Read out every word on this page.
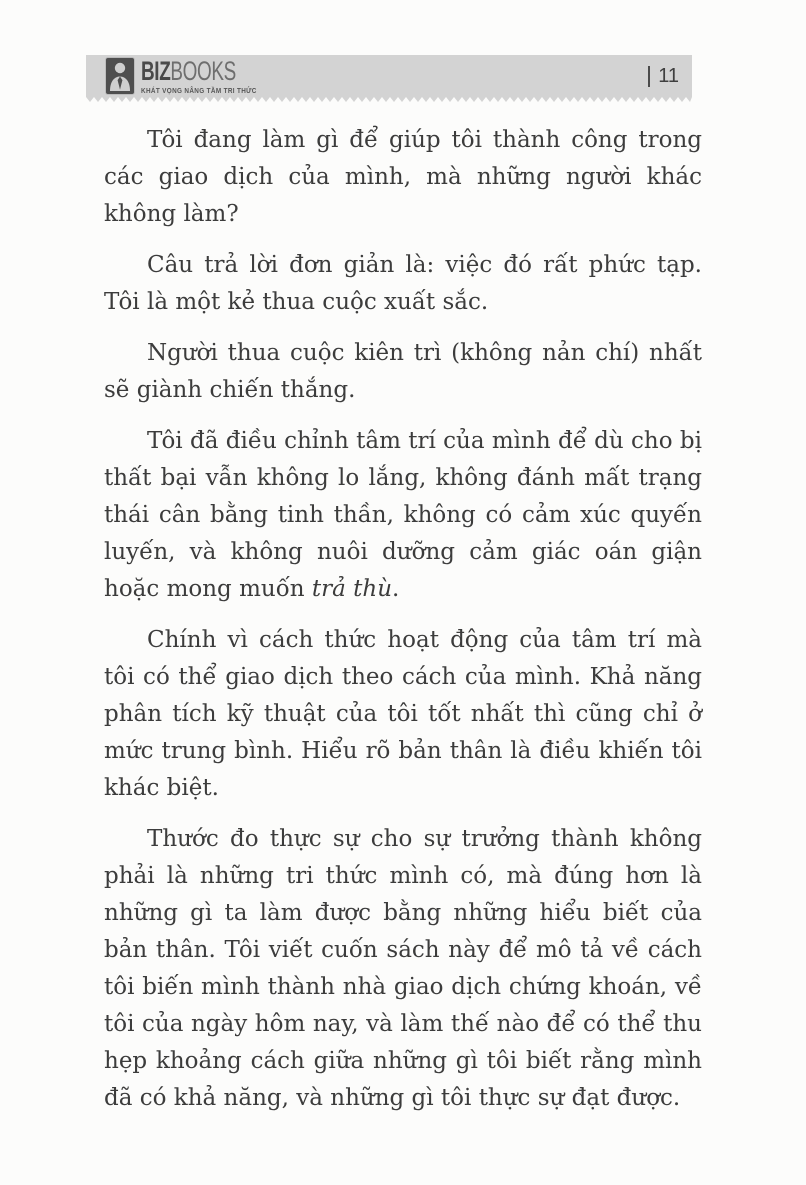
BIZBOOKS
KHÁT VỌNG NÂNG TẦM TRI THỨC
11

Tôi đang làm gì để giúp tôi thành công trong các giao dịch của mình, mà những người khác không làm?

Câu trả lời đơn giản là: việc đó rất phức tạp. Tôi là một kẻ thua cuộc xuất sắc.

Người thua cuộc kiên trì (không nản chí) nhất sẽ giành chiến thắng.

Tôi đã điều chỉnh tâm trí của mình để dù cho bị thất bại vẫn không lo lắng, không đánh mất trạng thái cân bằng tinh thần, không có cảm xúc quyến luyến, và không nuôi dưỡng cảm giác oán giận hoặc mong muốn trả thù.

Chính vì cách thức hoạt động của tâm trí mà tôi có thể giao dịch theo cách của mình. Khả năng phân tích kỹ thuật của tôi tốt nhất thì cũng chỉ ở mức trung bình. Hiểu rõ bản thân là điều khiến tôi khác biệt.

Thước đo thực sự cho sự trưởng thành không phải là những tri thức mình có, mà đúng hơn là những gì ta làm được bằng những hiểu biết của bản thân. Tôi viết cuốn sách này để mô tả về cách tôi biến mình thành nhà giao dịch chứng khoán, về tôi của ngày hôm nay, và làm thế nào để có thể thu hẹp khoảng cách giữa những gì tôi biết rằng mình đã có khả năng, và những gì tôi thực sự đạt được.
